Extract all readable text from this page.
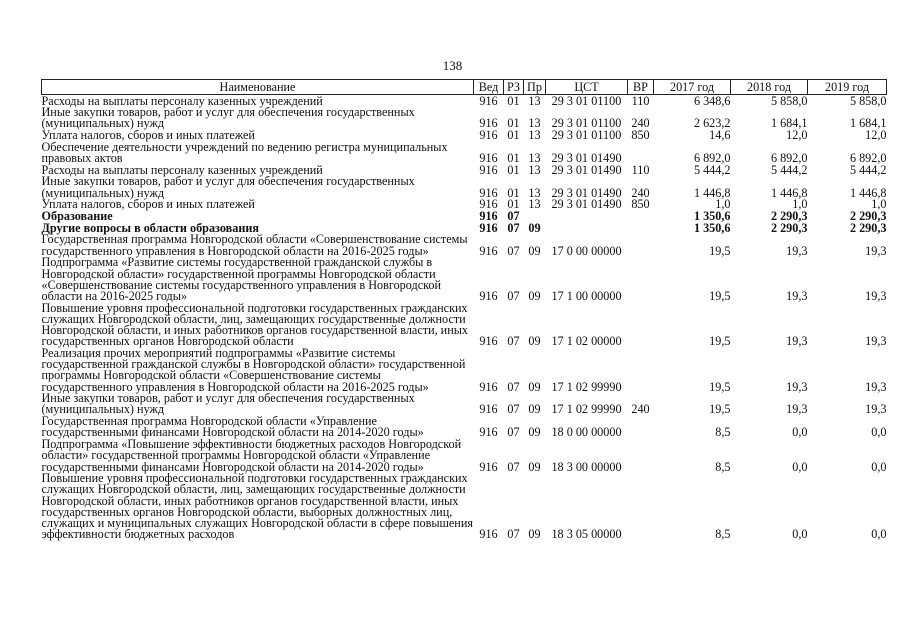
138
Наименование	Вед	РЗ	Пр	ЦСТ	ВР	2017 год	2018 год	2019 год
Расходы на выплаты персоналу казенных учреждений	916	01	13	29 3 01 01100	110	6 348,6	5 858,0	5 858,0
Иные закупки товаров, работ и услуг для обеспечения государственных (муниципальных) нужд	916	01	13	29 3 01 01100	240	2 623,2	1 684,1	1 684,1
Уплата налогов, сборов и иных платежей	916	01	13	29 3 01 01100	850	14,6	12,0	12,0
Обеспечение деятельности учреждений по ведению регистра муниципальных правовых актов	916	01	13	29 3 01 01490		6 892,0	6 892,0	6 892,0
Расходы на выплаты персоналу казенных учреждений	916	01	13	29 3 01 01490	110	5 444,2	5 444,2	5 444,2
Иные закупки товаров, работ и услуг для обеспечения государственных (муниципальных) нужд	916	01	13	29 3 01 01490	240	1 446,8	1 446,8	1 446,8
Уплата налогов, сборов и иных платежей	916	01	13	29 3 01 01490	850	1,0	1,0	1,0
Образование	916	07				1 350,6	2 290,3	2 290,3
Другие вопросы в области образования	916	07	09			1 350,6	2 290,3	2 290,3
Государственная программа Новгородской области «Совершенствование системы государственного управления в Новгородской области на 2016-2025 годы»	916	07	09	17 0 00 00000		19,5	19,3	19,3
Подпрограмма «Развитие системы государственной гражданской службы в Новгородской области» государственной программы Новгородской области «Совершенствование системы государственного управления в Новгородской области на 2016-2025 годы»	916	07	09	17 1 00 00000		19,5	19,3	19,3
Повышение уровня профессиональной подготовки государственных гражданских служащих Новгородской области, лиц, замещающих государственные должности Новгородской области, и иных работников органов государственной власти, иных государственных органов Новгородской области	916	07	09	17 1 02 00000		19,5	19,3	19,3
Реализация прочих мероприятий подпрограммы «Развитие системы государственной гражданской службы в Новгородской области» государственной программы Новгородской области «Совершенствование системы государственного управления в Новгородской области на 2016-2025 годы»	916	07	09	17 1 02 99990		19,5	19,3	19,3
Иные закупки товаров, работ и услуг для обеспечения государственных (муниципальных) нужд	916	07	09	17 1 02 99990	240	19,5	19,3	19,3
Государственная программа Новгородской области «Управление государственными финансами Новгородской области на 2014-2020 годы»	916	07	09	18 0 00 00000		8,5	0,0	0,0
Подпрограмма «Повышение эффективности бюджетных расходов Новгородской области» государственной программы Новгородской области «Управление государственными финансами Новгородской области на 2014-2020 годы»	916	07	09	18 3 00 00000		8,5	0,0	0,0
Повышение уровня профессиональной подготовки государственных гражданских служащих Новгородской области, лиц, замещающих государственные должности Новгородской области, иных работников органов государственной власти, иных государственных органов Новгородской области, выборных должностных лиц, служащих и муниципальных служащих Новгородской области в сфере повышения эффективности бюджетных расходов	916	07	09	18 3 05 00000		8,5	0,0	0,0
